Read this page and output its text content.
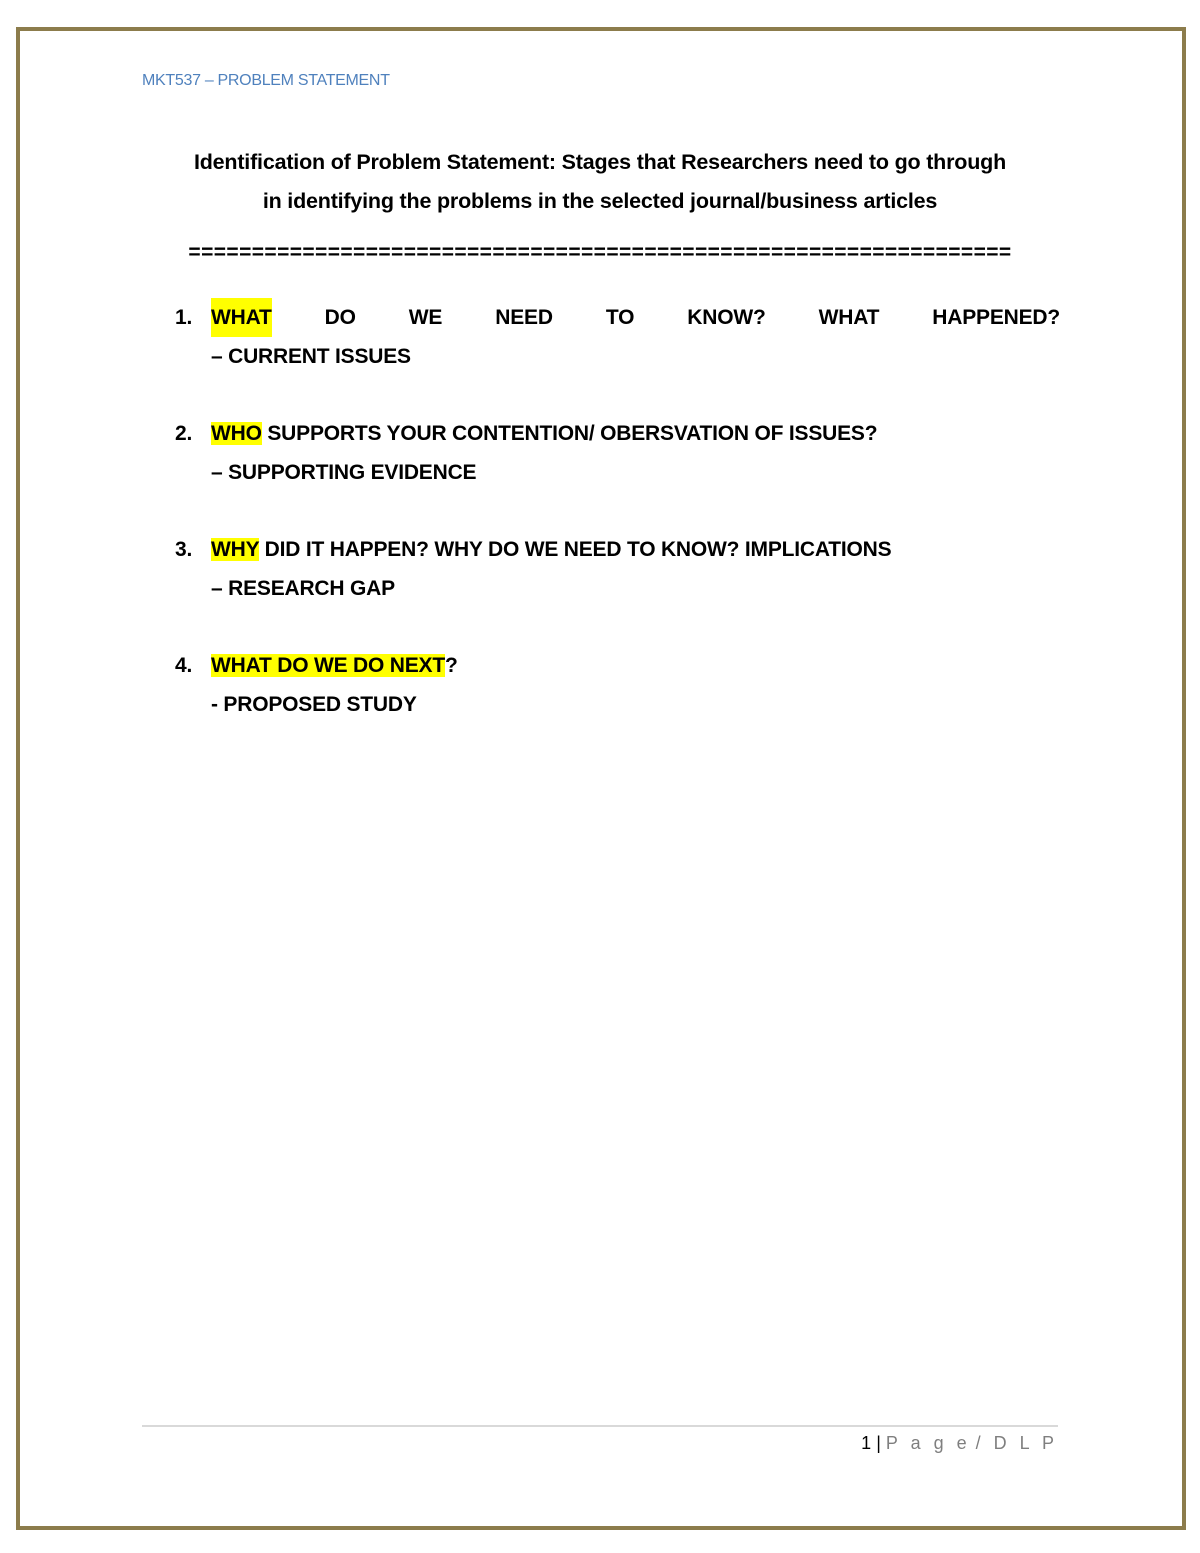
MKT537 – PROBLEM STATEMENT
Identification of Problem Statement: Stages that Researchers need to go through
in identifying the problems in the selected journal/business articles
=================================================================
1. WHAT	DO	WE	NEED	TO	KNOW?	WHAT	HAPPENED?
– CURRENT ISSUES
2. WHO SUPPORTS YOUR CONTENTION/ OBERSVATION OF ISSUES?
– SUPPORTING EVIDENCE
3. WHY DID IT HAPPEN? WHY DO WE NEED TO KNOW? IMPLICATIONS
– RESEARCH GAP
4. WHAT DO WE DO NEXT?
- PROPOSED STUDY
1 | P a g e / D L P
